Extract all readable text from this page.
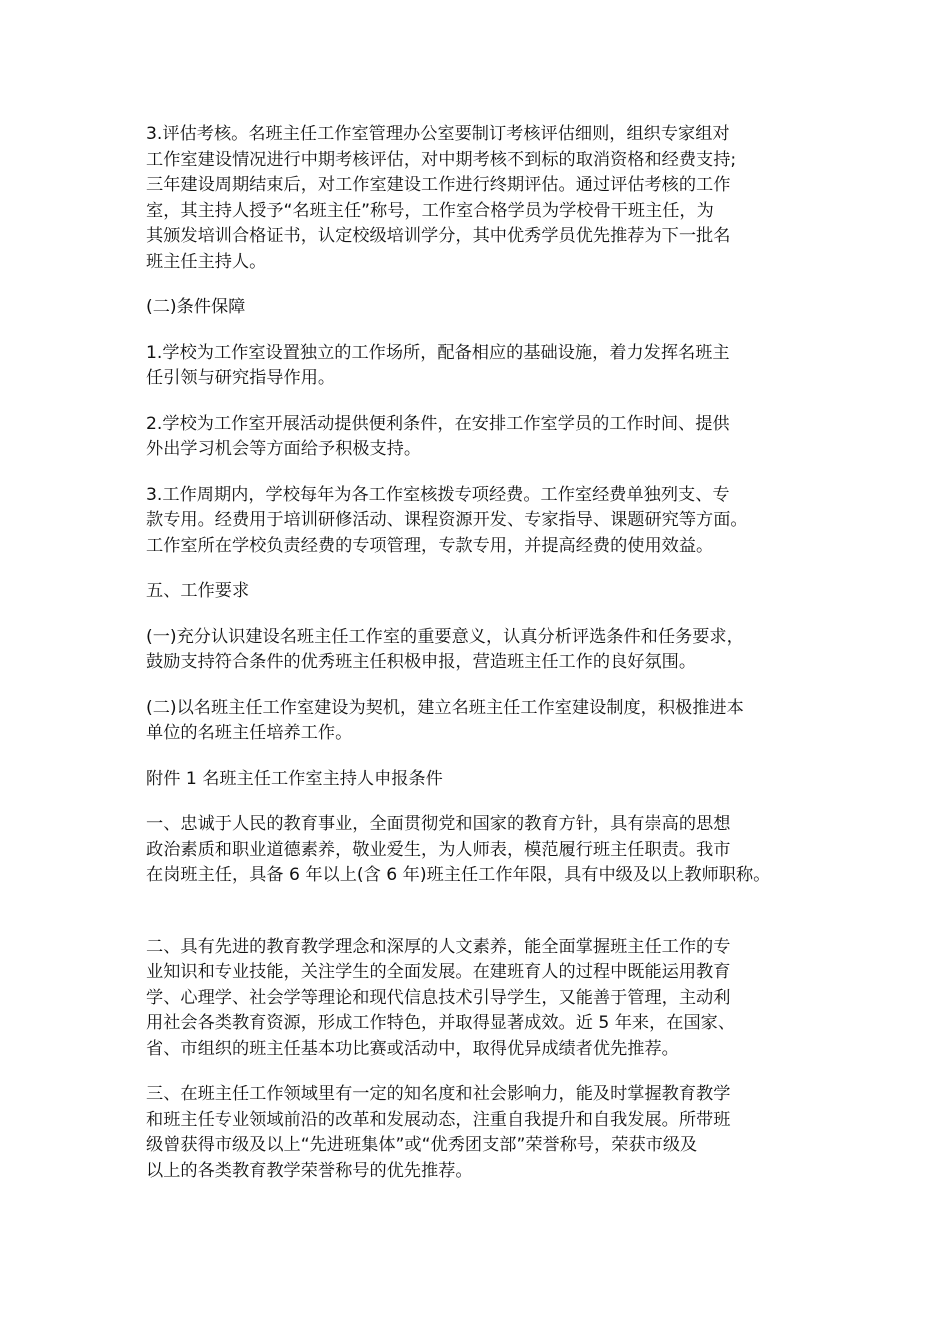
3.评估考核。名班主任工作室管理办公室要制订考核评估细则，组织专家组对
工作室建设情况进行中期考核评估，对中期考核不到标的取消资格和经费支持;
三年建设周期结束后，对工作室建设工作进行终期评估。通过评估考核的工作
室，其主持人授予“名班主任”称号，工作室合格学员为学校骨干班主任，为
其颁发培训合格证书，认定校级培训学分，其中优秀学员优先推荐为下一批名
班主任主持人。

(二)条件保障

1.学校为工作室设置独立的工作场所，配备相应的基础设施，着力发挥名班主
任引领与研究指导作用。

2.学校为工作室开展活动提供便利条件，在安排工作室学员的工作时间、提供
外出学习机会等方面给予积极支持。

3.工作周期内，学校每年为各工作室核拨专项经费。工作室经费单独列支、专
款专用。经费用于培训研修活动、课程资源开发、专家指导、课题研究等方面。
工作室所在学校负责经费的专项管理，专款专用，并提高经费的使用效益。

五、工作要求

(一)充分认识建设名班主任工作室的重要意义，认真分析评选条件和任务要求，
鼓励支持符合条件的优秀班主任积极申报，营造班主任工作的良好氛围。

(二)以名班主任工作室建设为契机，建立名班主任工作室建设制度，积极推进本
单位的名班主任培养工作。

附件 1 名班主任工作室主持人申报条件

一、忠诚于人民的教育事业，全面贯彻党和国家的教育方针，具有崇高的思想
政治素质和职业道德素养，敬业爱生，为人师表，模范履行班主任职责。我市
在岗班主任，具备 6 年以上(含 6 年)班主任工作年限，具有中级及以上教师职称。

二、具有先进的教育教学理念和深厚的人文素养，能全面掌握班主任工作的专
业知识和专业技能，关注学生的全面发展。在建班育人的过程中既能运用教育
学、心理学、社会学等理论和现代信息技术引导学生，又能善于管理，主动利
用社会各类教育资源，形成工作特色，并取得显著成效。近 5 年来，在国家、
省、市组织的班主任基本功比赛或活动中，取得优异成绩者优先推荐。

三、在班主任工作领域里有一定的知名度和社会影响力，能及时掌握教育教学
和班主任专业领域前沿的改革和发展动态，注重自我提升和自我发展。所带班
级曾获得市级及以上“先进班集体”或“优秀团支部”荣誉称号，荣获市级及
以上的各类教育教学荣誉称号的优先推荐。
